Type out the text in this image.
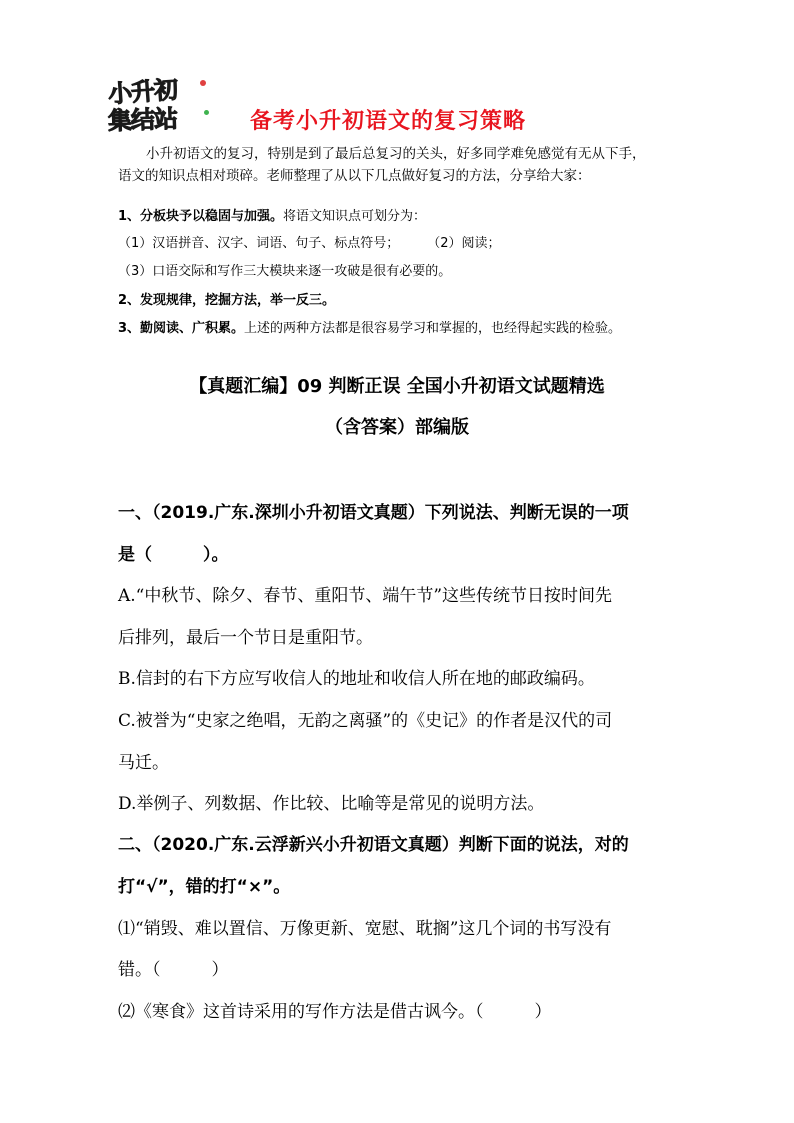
小升初
集结站	备考小升初语文的复习策略
小升初语文的复习，特别是到了最后总复习的关头，好多同学难免感觉有无从下手，
语文的知识点相对琐碎。老师整理了从以下几点做好复习的方法，分享给大家：
1、分板块予以稳固与加强。将语文知识点可划分为：
（1）汉语拼音、汉字、词语、句子、标点符号； （2）阅读；
（3）口语交际和写作三大模块来逐一攻破是很有必要的。
2、发现规律，挖掘方法，举一反三。
3、勤阅读、广积累。上述的两种方法都是很容易学习和掌握的，也经得起实践的检验。
【真题汇编】09 判断正误 全国小升初语文试题精选
（含答案）部编版
一、（2019.广东.深圳小升初语文真题）下列说法、判断无误的一项
是（　　　）。
A.“中秋节、除夕、春节、重阳节、端午节”这些传统节日按时间先
后排列，最后一个节日是重阳节。
B.信封的右下方应写收信人的地址和收信人所在地的邮政编码。
C.被誉为“史家之绝唱，无韵之离骚”的《史记》的作者是汉代的司
马迁。
D.举例子、列数据、作比较、比喻等是常见的说明方法。
二、（2020.广东.云浮新兴小升初语文真题）判断下面的说法，对的
打“√”，错的打“×”。
⑴“销毁、难以置信、万像更新、宽慰、耽搁”这几个词的书写没有
错。（　　　）
⑵《寒食》这首诗采用的写作方法是借古讽今。（　　　）
